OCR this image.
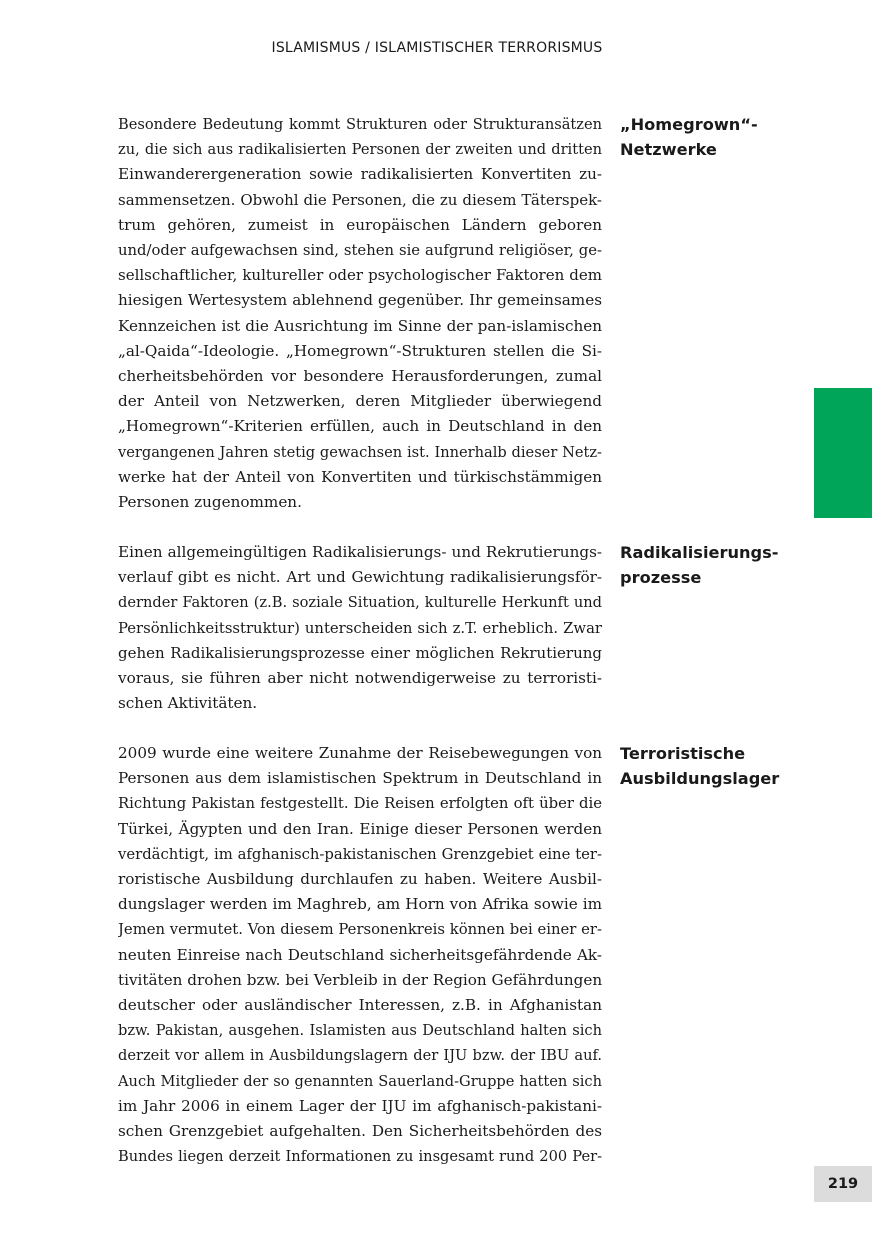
ISLAMISMUS / ISLAMISTISCHER TERRORISMUS
„Homegrown“-
Netzwerke

Besondere Bedeutung kommt Strukturen oder Strukturansätzen
zu, die sich aus radikalisierten Personen der zweiten und dritten
Einwanderergeneration sowie radikalisierten Konvertiten zu-
sammensetzen. Obwohl die Personen, die zu diesem Täterspek-
trum gehören, zumeist in europäischen Ländern geboren
und/oder aufgewachsen sind, stehen sie aufgrund religiöser, ge-
sellschaftlicher, kultureller oder psychologischer Faktoren dem
hiesigen Wertesystem ablehnend gegenüber. Ihr gemeinsames
Kennzeichen ist die Ausrichtung im Sinne der pan-islamischen
„al-Qaida“-Ideologie. „Homegrown“-Strukturen stellen die Si-
cherheitsbehörden vor besondere Herausforderungen, zumal
der Anteil von Netzwerken, deren Mitglieder überwiegend
„Homegrown“-Kriterien erfüllen, auch in Deutschland in den
vergangenen Jahren stetig gewachsen ist. Innerhalb dieser Netz-
werke hat der Anteil von Konvertiten und türkischstämmigen
Personen zugenommen.

Radikalisierungs-
prozesse

Einen allgemeingültigen Radikalisierungs- und Rekrutierungs-
verlauf gibt es nicht. Art und Gewichtung radikalisierungsför-
dernder Faktoren (z.B. soziale Situation, kulturelle Herkunft und
Persönlichkeitsstruktur) unterscheiden sich z.T. erheblich. Zwar
gehen Radikalisierungsprozesse einer möglichen Rekrutierung
voraus, sie führen aber nicht notwendigerweise zu terroristi-
schen Aktivitäten.

Terroristische
Ausbildungslager

2009 wurde eine weitere Zunahme der Reisebewegungen von
Personen aus dem islamistischen Spektrum in Deutschland in
Richtung Pakistan festgestellt. Die Reisen erfolgten oft über die
Türkei, Ägypten und den Iran. Einige dieser Personen werden
verdächtigt, im afghanisch-pakistanischen Grenzgebiet eine ter-
roristische Ausbildung durchlaufen zu haben. Weitere Ausbil-
dungslager werden im Maghreb, am Horn von Afrika sowie im
Jemen vermutet. Von diesem Personenkreis können bei einer er-
neuten Einreise nach Deutschland sicherheitsgefährdende Ak-
tivitäten drohen bzw. bei Verbleib in der Region Gefährdungen
deutscher oder ausländischer Interessen, z.B. in Afghanistan
bzw. Pakistan, ausgehen. Islamisten aus Deutschland halten sich
derzeit vor allem in Ausbildungslagern der IJU bzw. der IBU auf.
Auch Mitglieder der so genannten Sauerland-Gruppe hatten sich
im Jahr 2006 in einem Lager der IJU im afghanisch-pakistani-
schen Grenzgebiet aufgehalten. Den Sicherheitsbehörden des
Bundes liegen derzeit Informationen zu insgesamt rund 200 Per-

219
